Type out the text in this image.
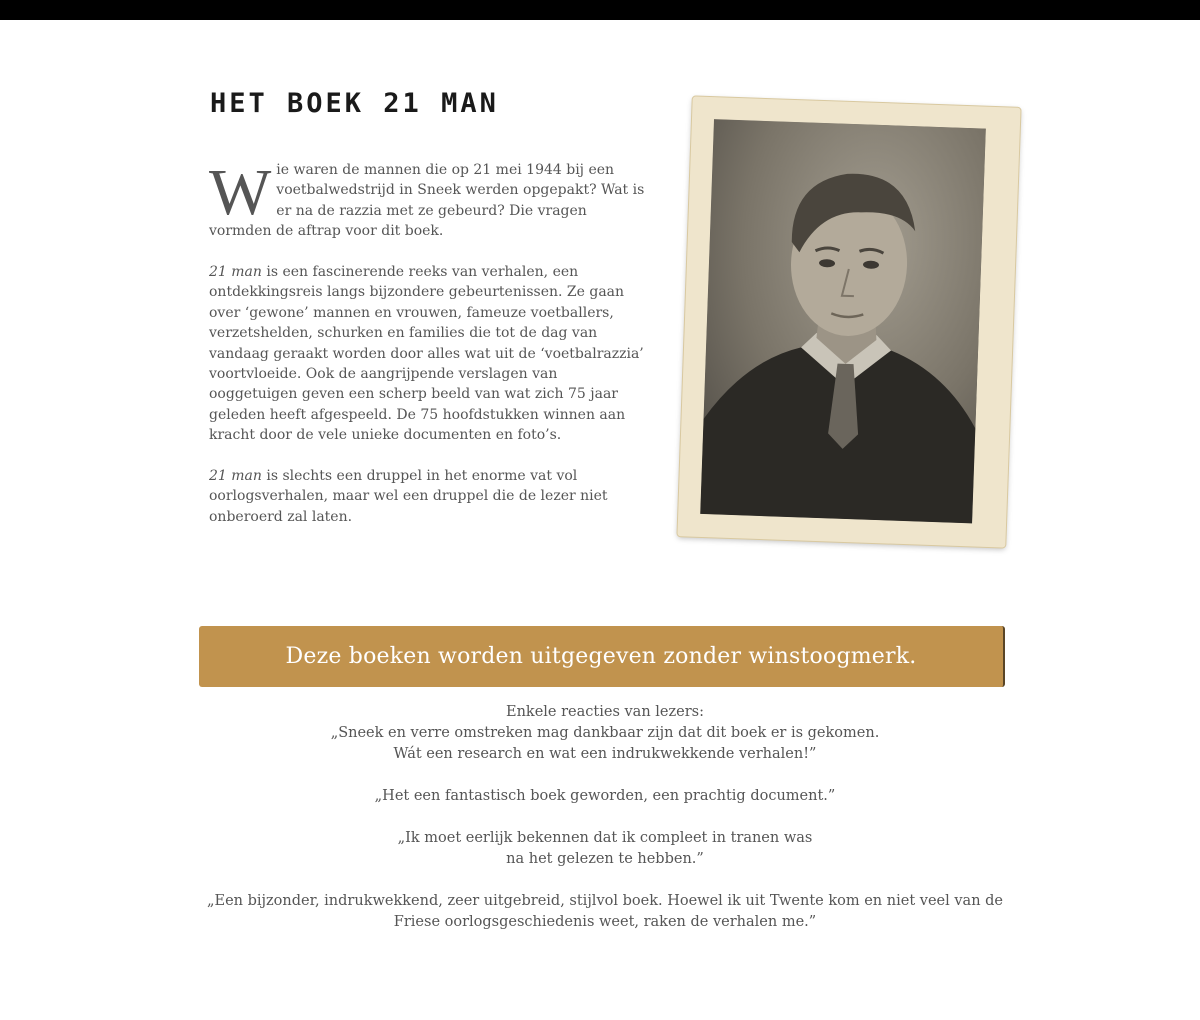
HET BOEK 21 MAN

Wie waren de mannen die op 21 mei 1944 bij een voetbalwedstrijd in Sneek werden opgepakt? Wat is er na de razzia met ze gebeurd? Die vragen vormden de aftrap voor dit boek.

21 man is een fascinerende reeks van verhalen, een ontdekkingsreis langs bijzondere gebeurtenissen. Ze gaan over ‘gewone’ mannen en vrouwen, fameuze voetballers, verzetshelden, schurken en families die tot de dag van vandaag geraakt worden door alles wat uit de ‘voetbalrazzia’ voortvloeide. Ook de aangrijpende verslagen van ooggetuigen geven een scherp beeld van wat zich 75 jaar geleden heeft afgespeeld. De 75 hoofdstukken winnen aan kracht door de vele unieke documenten en foto’s.

21 man is slechts een druppel in het enorme vat vol oorlogsverhalen, maar wel een druppel die de lezer niet onberoerd zal laten.

Deze boeken worden uitgegeven zonder winstoogmerk.
Enkele reacties van lezers:
„Sneek en verre omstreken mag dankbaar zijn dat dit boek er is gekomen.
Wát een research en wat een indrukwekkende verhalen!”
„Het een fantastisch boek geworden, een prachtig document.”
„Ik moet eerlijk bekennen dat ik compleet in tranen was
na het gelezen te hebben.”
„Een bijzonder, indrukwekkend, zeer uitgebreid, stijlvol boek. Hoewel ik uit Twente kom en niet veel van de
Friese oorlogsgeschiedenis weet, raken de verhalen me.”
